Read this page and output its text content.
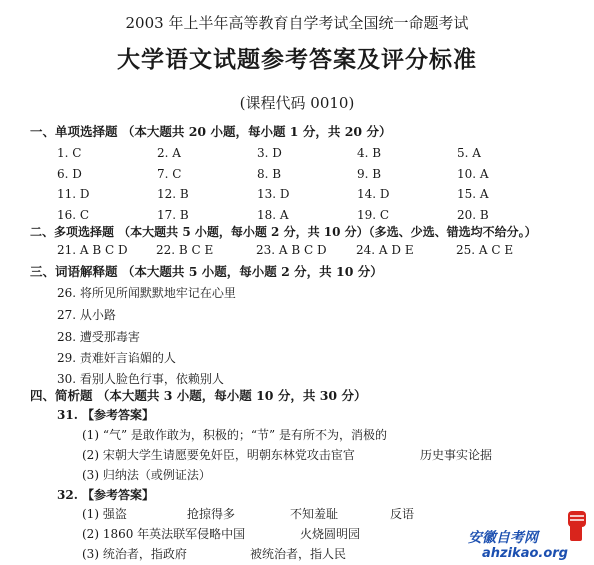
2003 年上半年高等教育自学考试全国统一命题考试
大学语文试题参考答案及评分标准
(课程代码 0010)
一、单项选择题 （本大题共 20 小题，每小题 1 分，共 20 分）
1. C	2. A	3. D	4. B	5. A
6. D	7. C	8. B	9. B	10. A
11. D	12. B	13. D	14. D	15. A
16. C	17. B	18. A	19. C	20. B
二、多项选择题 （本大题共 5 小题，每小题 2 分，共 10 分）（多选、少选、错选均不给分。）
21. A B C D 22. B C E	23. A B C D 24. A D E	25. A C E
三、词语解释题 （本大题共 5 小题，每小题 2 分，共 10 分）
26. 将所见所闻默默地牢记在心里
27. 从小路
28. 遭受那毒害
29. 责难奸言谄媚的人
30. 看别人脸色行事，依赖别人
四、简析题 （本大题共 3 小题，每小题 10 分，共 30 分）
31. 【参考答案】
(1) “气” 是敢作敢为，积极的；“节” 是有所不为，消极的
(2) 宋朝大学生请愿要免奸臣，明朝东林党攻击宦官	历史事实论据
(3) 归纳法（或例证法）
32. 【参考答案】
(1) 强盗	抢掠得多	不知羞耻	反语
(2) 1860 年英法联军侵略中国	火烧圆明园
(3) 统治者，指政府	被统治者，指人民
安徽自考网
ahzikao.org
